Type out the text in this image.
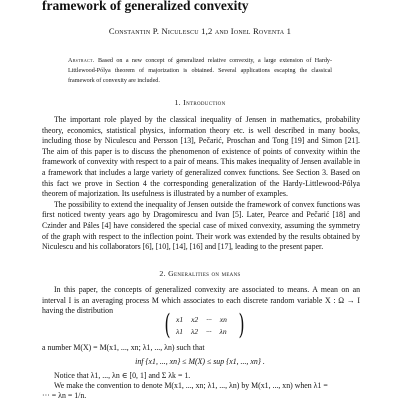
framework of generalized convexity
Constantin P. Niculescu 1,2 and Ionel Roventa 1
Abstract. Based on a new concept of generalized relative convexity, a large extension of Hardy-Littlewood-Pólya theorem of majorization is obtained. Several applications escaping the classical framework of convexity are included.
1. Introduction

The important role played by the classical inequality of Jensen in mathematics, probability theory, economics, statistical physics, information theory etc. is well described in many books, including those by Niculescu and Persson [13], Pečarić, Proschan and Tong [19] and Simon [21]. The aim of this paper is to discuss the phenomenon of existence of points of convexity within the framework of convexity with respect to a pair of means. This makes inequality of Jensen available in a framework that includes a large variety of generalized convex functions. See Section 3. Based on this fact we prove in Section 4 the corresponding generalization of the Hardy-Littlewood-Pólya theorem of majorization. Its usefulness is illustrated by a number of examples.

The possibility to extend the inequality of Jensen outside the framework of convex functions was first noticed twenty years ago by Dragomirescu and Ivan [5]. Later, Pearce and Pečarić [18] and Czinder and Páles [4] have considered the special case of mixed convexity, assuming the symmetry of the graph with respect to the inflection point. Their work was extended by the results obtained by Niculescu and his collaborators [6], [10], [14], [16] and [17], leading to the present paper.

2. Generalities on means

In this paper, the concepts of generalized convexity are associated to means. A mean on an interval I is an averaging process M which associates to each discrete random variable X : Ω → I having the distribution	( x1 x2 ··· xn
λ1 λ2 ··· λn )
a number M(X) = M(x1, ..., xn; λ1, ..., λn) such that
inf {x1, ..., xn} ≤ M(X) ≤ sup {x1, ..., xn} .
Notice that λ1, ..., λn ∈ [0, 1] and Σ λk = 1.
We make the convention to denote M(x1, ..., xn; λ1, ..., λn) by M(x1, ..., xn) when λ1 =
··· = λn = 1/n.
